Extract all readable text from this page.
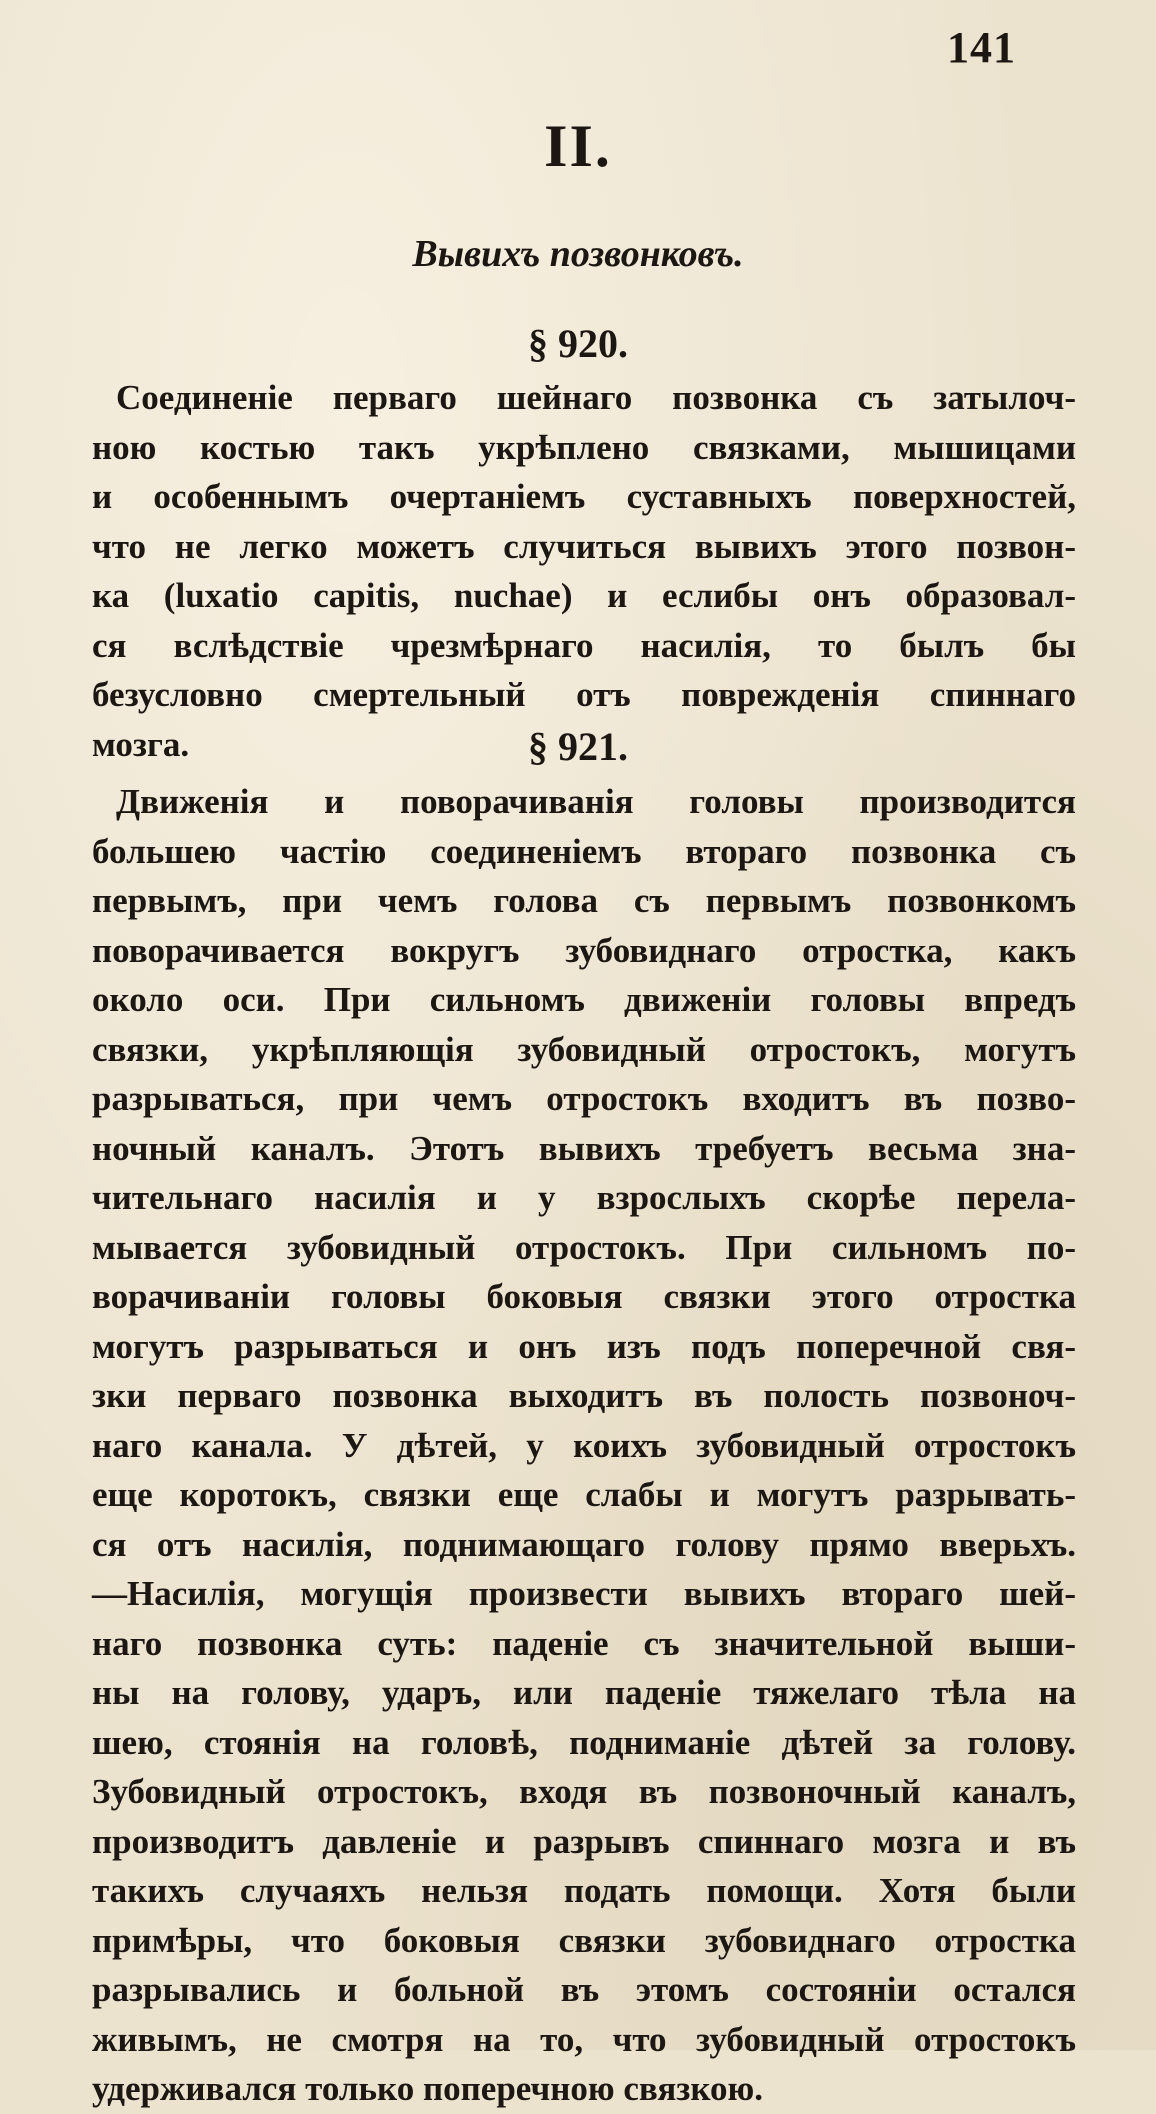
141
II.
Вывихъ позвонковъ.
§ 920.
Соединенie перваго шейнаго позвонка съ затылоч-
ною костью такъ укрѣплено связками, мышицами
и особеннымъ очертанiемъ суставныхъ поверхностей,
что не легко можетъ случиться вывихъ этого позвон-
ка (luxatio capitis, nuchae) и еслибы онъ образовал-
ся вслѣдствiе чрезмѣрнаго насилiя, то былъ бы
безусловно смертельный отъ поврежденiя спиннаго
мозга.	§ 921.
Движенiя и поворачиванiя головы производится
большею частiю соединенiемъ втораго позвонка съ
первымъ, при чемъ голова съ первымъ позвонкомъ
поворачивается вокругъ зубовиднаго отростка, какъ
около оси. При сильномъ движенiи головы впредъ
связки, укрѣпляющiя зубовидный отростокъ, могутъ
разрываться, при чемъ отростокъ входитъ въ позво-
ночный каналъ. Этотъ вывихъ требуетъ весьма зна-
чительнаго насилiя и у взрослыхъ скорѣе перела-
мывается зубовидный отростокъ. При сильномъ по-
ворачиванiи головы боковыя связки этого отростка
могутъ разрываться и онъ изъ подъ поперечной свя-
зки перваго позвонка выходитъ въ полость позвоноч-
наго канала. У дѣтей, у коихъ зубовидный отростокъ
еще коротокъ, связки еще слабы и могутъ разрывать-
ся отъ насилiя, поднимающаго голову прямо вверьхъ.
—Насилiя, могущiя произвести вывихъ втораго шей-
наго позвонка суть: паденiе съ значительной выши-
ны на голову, ударъ, или паденiе тяжелаго тѣла на
шею, стоянiя на головѣ, подниманiе дѣтей за голову.
Зубовидный отростокъ, входя въ позвоночный каналъ,
производитъ давленiе и разрывъ спиннаго мозга и въ
такихъ случаяхъ нельзя подать помощи. Хотя были
примѣры, что боковыя связки зубовиднаго отростка
разрывались и больной въ этомъ состоянiи остался
живымъ, не смотря на то, что зубовидный отростокъ
удерживался только поперечною связкою.
